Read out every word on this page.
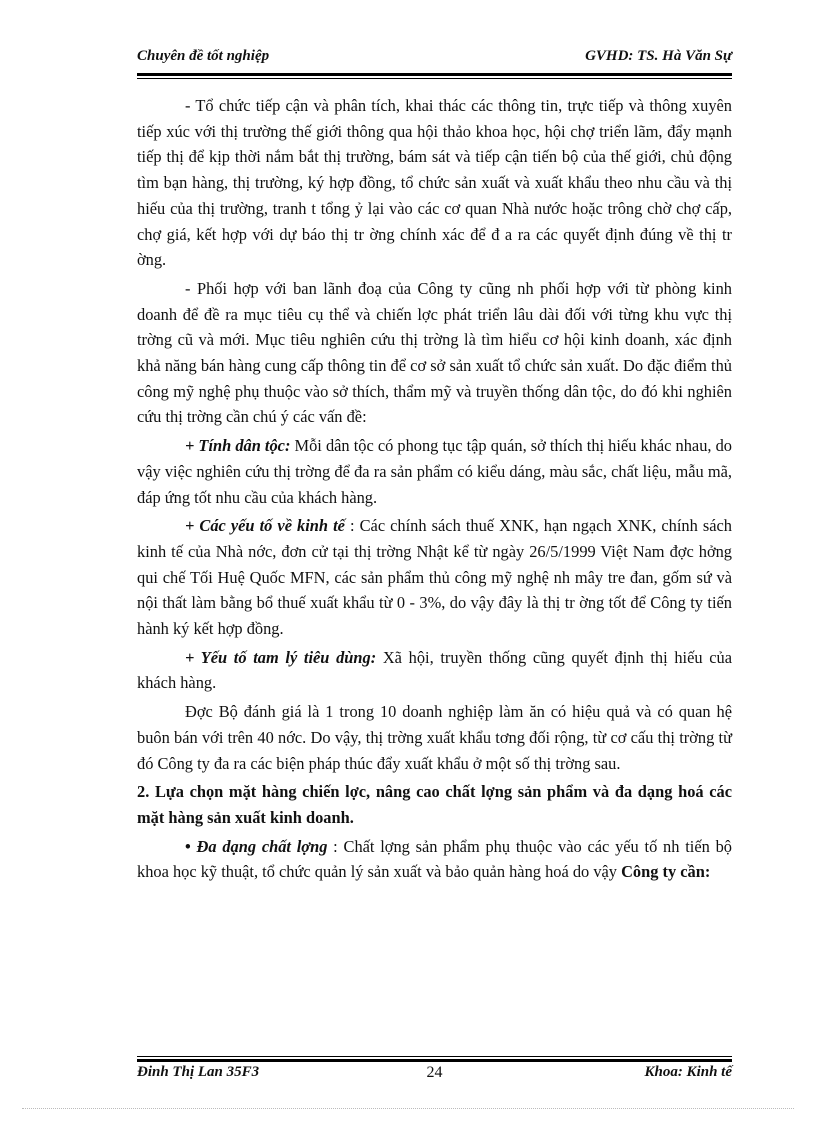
Chuyên đề tốt nghiệp	GVHD: TS. Hà Văn Sự

- Tổ chức tiếp cận và phân tích, khai thác các thông tin, trực tiếp và thông xuyên tiếp xúc với thị trường thế giới thông qua hội thảo khoa học, hội chợ triển lãm, đẩy mạnh tiếp thị để kịp thời nắm bắt thị trường, bám sát và tiếp cận tiến bộ của thế giới, chủ động tìm bạn hàng, thị trường, ký hợp đồng, tổ chức sản xuất và xuất khẩu theo nhu cầu và thị hiếu của thị trường, tranh t tổng ỷ lại vào các cơ quan Nhà nước hoặc trông chờ chợ cấp, chợ giá, kết hợp với dự báo thị tr ờng chính xác để đ a ra các quyết định đúng về thị tr ờng.

- Phối hợp với ban lãnh đoạ của Công ty cũng nh phối hợp với từ phòng kinh doanh để đề ra mục tiêu cụ thể và chiến lợc phát triển lâu dài đối với từng khu vực thị trờng cũ và mới. Mục tiêu nghiên cứu thị trờng là tìm hiểu cơ hội kinh doanh, xác định khả năng bán hàng cung cấp thông tin để cơ sở sản xuất tổ chức sản xuất. Do đặc điểm thủ công mỹ nghệ phụ thuộc vào sở thích, thẩm mỹ và truyền thống dân tộc, do đó khi nghiên cứu thị trờng cần chú ý các vấn đề:

+ Tính dân tộc: Mỗi dân tộc có phong tục tập quán, sở thích thị hiếu khác nhau, do vậy việc nghiên cứu thị trờng để đa ra sản phẩm có kiểu dáng, màu sắc, chất liệu, mẫu mã, đáp ứng tốt nhu cầu của khách hàng.

+ Các yếu tố về kinh tế : Các chính sách thuế XNK, hạn ngạch XNK, chính sách kinh tế của Nhà nớc, đơn cử tại thị trờng Nhật kể từ ngày 26/5/1999 Việt Nam đợc hởng qui chế Tối Huệ Quốc MFN, các sản phẩm thủ công mỹ nghệ nh mây tre đan, gốm sứ và nội thất làm bằng bổ thuế xuất khẩu từ 0 - 3%, do vậy đây là thị tr ờng tốt để Công ty tiến hành ký kết hợp đồng.

+ Yếu tố tam lý tiêu dùng: Xã hội, truyền thống cũng quyết định thị hiếu của khách hàng.

Đợc Bộ đánh giá là 1 trong 10 doanh nghiệp làm ăn có hiệu quả và có quan hệ buôn bán với trên 40 nớc. Do vậy, thị trờng xuất khẩu tơng đối rộng, từ cơ cấu thị trờng từ đó Công ty đa ra các biện pháp thúc đẩy xuất khẩu ở một số thị trờng sau.

2. Lựa chọn mặt hàng chiến lợc, nâng cao chất lợng sản phẩm và đa dạng hoá các mặt hàng sản xuất kinh doanh.

• Đa dạng chất lợng : Chất lợng sản phẩm phụ thuộc vào các yếu tố nh tiến bộ khoa học kỹ thuật, tổ chức quản lý sản xuất và bảo quản hàng hoá do vậy Công ty cần:

Đinh Thị Lan 35F3	24	Khoa: Kinh tế
